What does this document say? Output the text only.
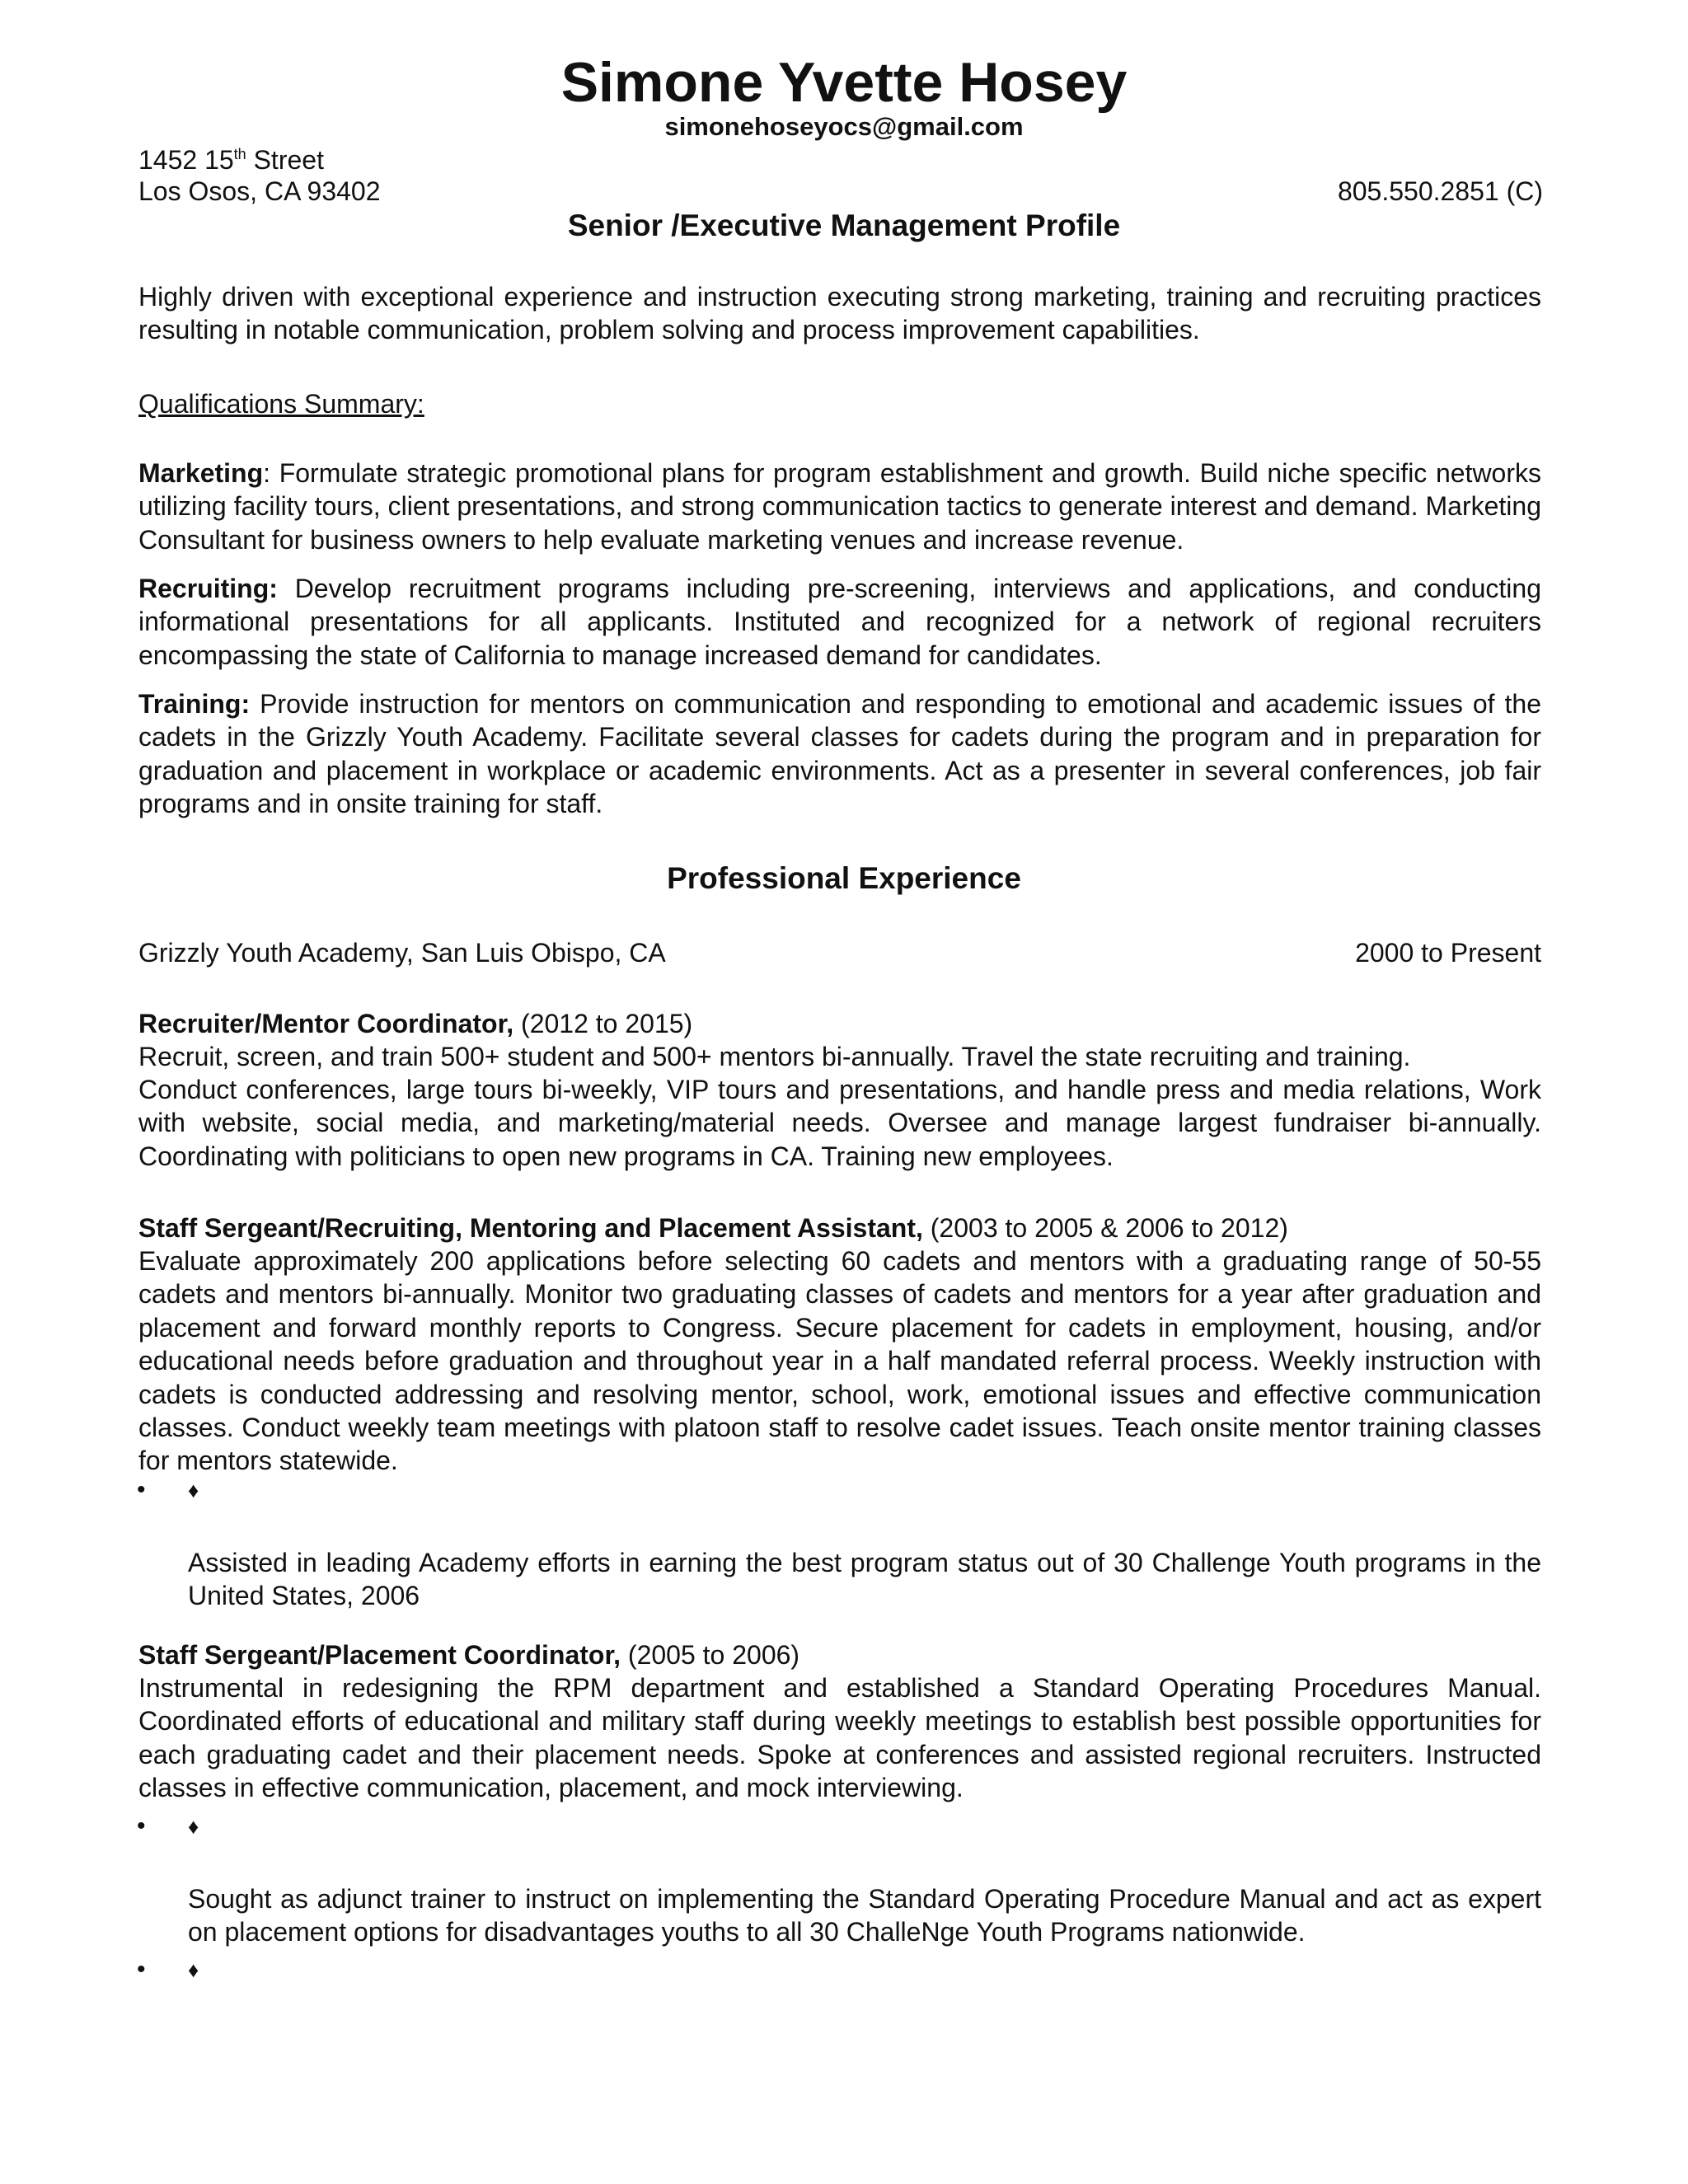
Simone Yvette Hosey
simonehoseyocs@gmail.com
1452 15th Street
Los Osos, CA 93402	805.550.2851 (C)
Senior /Executive Management Profile
Highly driven with exceptional experience and instruction executing strong marketing, training and recruiting practices resulting in notable communication, problem solving and process improvement capabilities.
Qualifications Summary:
Marketing: Formulate strategic promotional plans for program establishment and growth. Build niche specific networks utilizing facility tours, client presentations, and strong communication tactics to generate interest and demand. Marketing Consultant for business owners to help evaluate marketing venues and increase revenue.
Recruiting: Develop recruitment programs including pre-screening, interviews and applications, and conducting informational presentations for all applicants. Instituted and recognized for a network of regional recruiters encompassing the state of California to manage increased demand for candidates.
Training: Provide instruction for mentors on communication and responding to emotional and academic issues of the cadets in the Grizzly Youth Academy. Facilitate several classes for cadets during the program and in preparation for graduation and placement in workplace or academic environments. Act as a presenter in several conferences, job fair programs and in onsite training for staff.
Professional Experience
Grizzly Youth Academy, San Luis Obispo, CA	2000 to Present
Recruiter/Mentor Coordinator, (2012 to 2015)
Recruit, screen, and train 500+ student and 500+ mentors bi-annually. Travel the state recruiting and training.
Conduct conferences, large tours bi-weekly, VIP tours and presentations, and handle press and media relations, Work with website, social media, and marketing/material needs. Oversee and manage largest fundraiser bi-annually. Coordinating with politicians to open new programs in CA. Training new employees.
Staff Sergeant/Recruiting, Mentoring and Placement Assistant, (2003 to 2005 & 2006 to 2012)
Evaluate approximately 200 applications before selecting 60 cadets and mentors with a graduating range of 50-55 cadets and mentors bi-annually. Monitor two graduating classes of cadets and mentors for a year after graduation and placement and forward monthly reports to Congress. Secure placement for cadets in employment, housing, and/or educational needs before graduation and throughout year in a half mandated referral process. Weekly instruction with cadets is conducted addressing and resolving mentor, school, work, emotional issues and effective communication classes. Conduct weekly team meetings with platoon staff to resolve cadet issues. Teach onsite mentor training classes for mentors statewide.
• ♦
Assisted in leading Academy efforts in earning the best program status out of 30 Challenge Youth programs in the United States, 2006
Staff Sergeant/Placement Coordinator, (2005 to 2006)
Instrumental in redesigning the RPM department and established a Standard Operating Procedures Manual. Coordinated efforts of educational and military staff during weekly meetings to establish best possible opportunities for each graduating cadet and their placement needs. Spoke at conferences and assisted regional recruiters. Instructed classes in effective communication, placement, and mock interviewing.
• ♦
Sought as adjunct trainer to instruct on implementing the Standard Operating Procedure Manual and act as expert on placement options for disadvantages youths to all 30 ChalleNge Youth Programs nationwide.
• ♦
